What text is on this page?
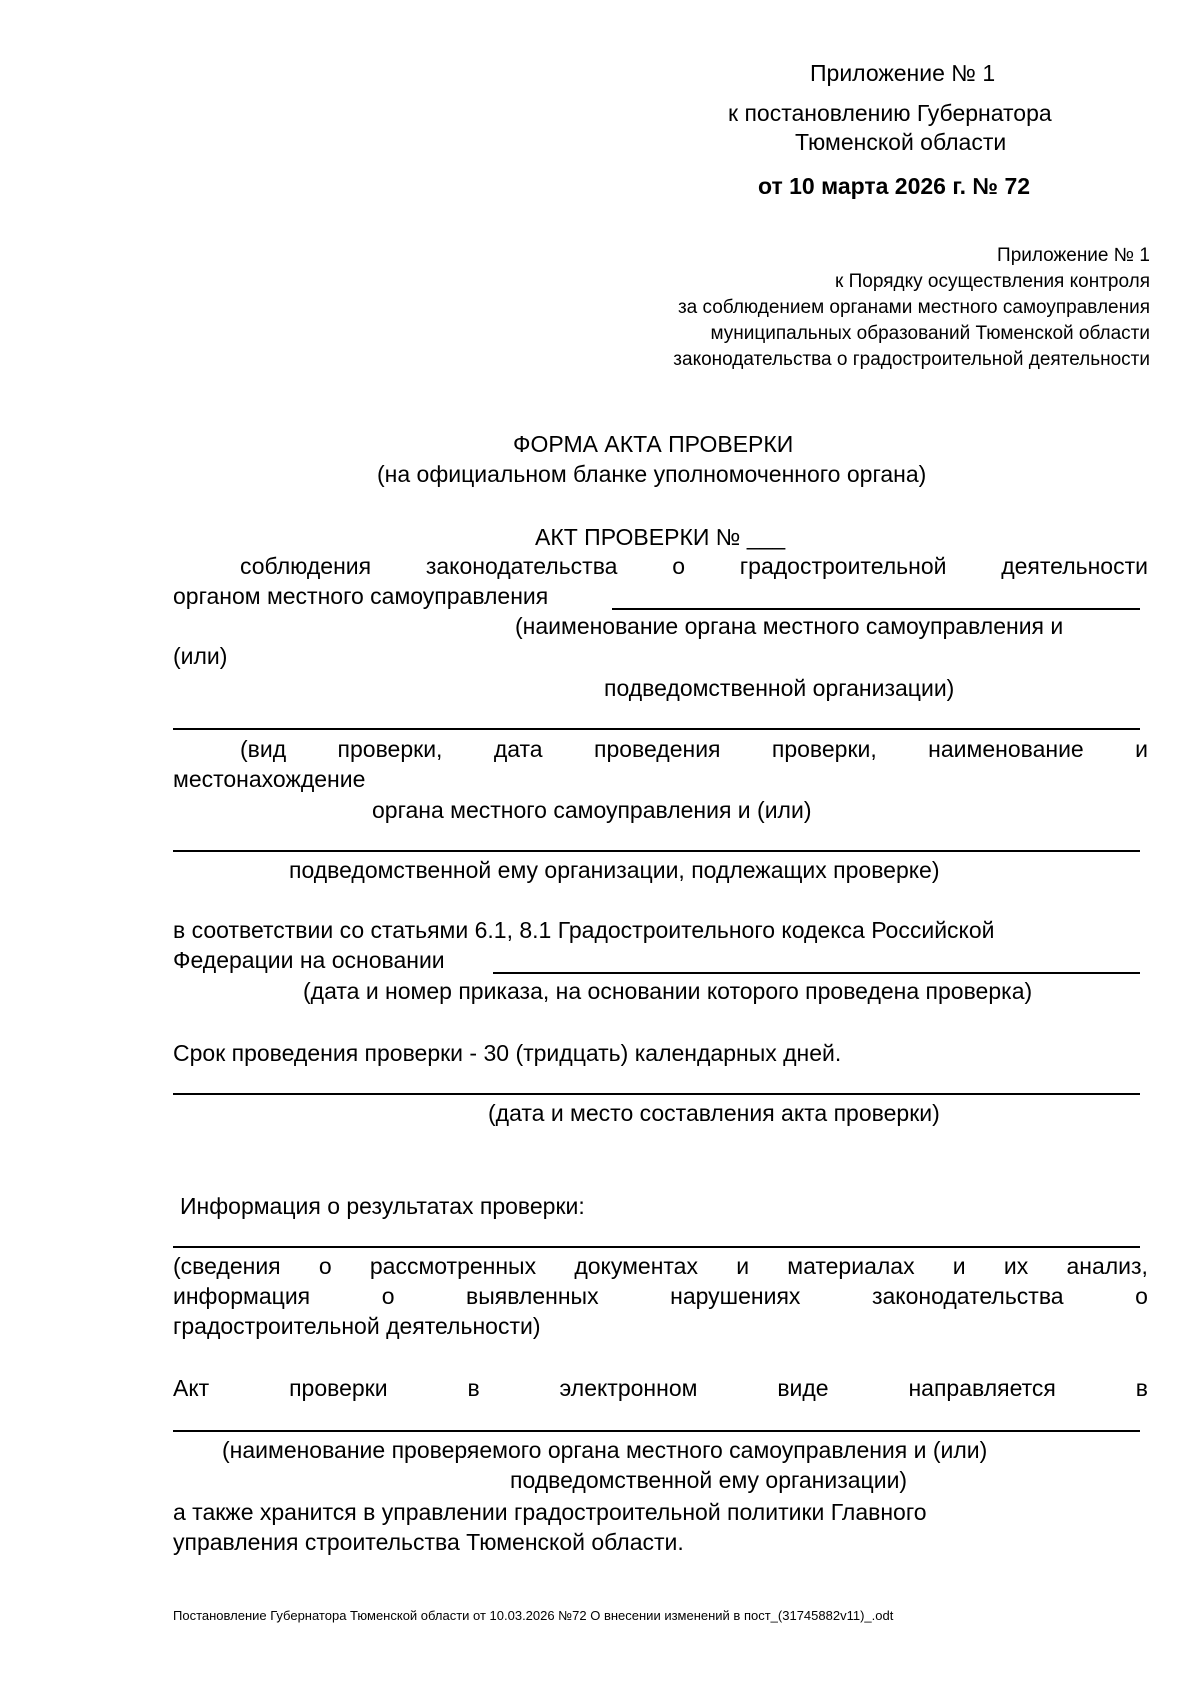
Приложение № 1
к постановлению Губернатора
Тюменской области
от 10 марта 2026 г. № 72
Приложение № 1
к Порядку осуществления контроля
за соблюдением органами местного самоуправления
муниципальных образований Тюменской области
законодательства о градостроительной деятельности
ФОРМА АКТА ПРОВЕРКИ
(на официальном бланке уполномоченного органа)
АКТ ПРОВЕРКИ № ___
соблюдения законодательства о градостроительной деятельности
органом местного самоуправления
(наименование органа местного самоуправления и
(или)
подведомственной организации)
(вид проверки, дата проведения проверки, наименование и
местонахождение
органа местного самоуправления и (или)
подведомственной ему организации, подлежащих проверке)
в соответствии со статьями 6.1, 8.1 Градостроительного кодекса Российской
Федерации на основании
(дата и номер приказа, на основании которого проведена проверка)
Срок проведения проверки - 30 (тридцать) календарных дней.
(дата и место составления акта проверки)
Информация о результатах проверки:
(сведения о рассмотренных документах и материалах и их анализ,
информация	о	выявленных	нарушениях	законодательства	о
градостроительной деятельности)
Акт	проверки	в	электронном	виде	направляется	в
(наименование проверяемого органа местного самоуправления и (или)
подведомственной ему организации)
а также хранится в управлении градостроительной политики Главного
управления строительства Тюменской области.
Постановление Губернатора Тюменской области от 10.03.2026 №72 О внесении изменений в пост_(31745882v11)_.odt
